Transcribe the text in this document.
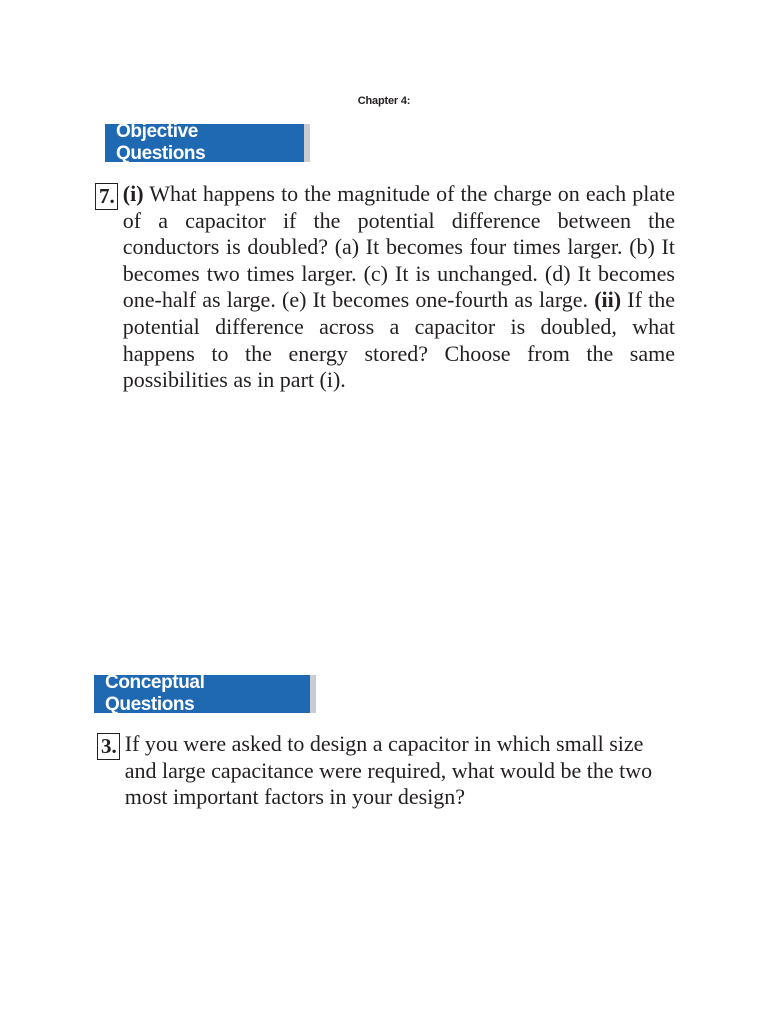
Chapter 4:
Objective Questions
7. (i) What happens to the magnitude of the charge on each plate of a capacitor if the potential difference between the conductors is doubled? (a) It becomes four times larger. (b) It becomes two times larger. (c) It is unchanged. (d) It becomes one-half as large. (e) It becomes one-fourth as large. (ii) If the potential difference across a capacitor is doubled, what happens to the energy stored? Choose from the same possibilities as in part (i).
Conceptual Questions
3. If you were asked to design a capacitor in which small size and large capacitance were required, what would be the two most important factors in your design?
